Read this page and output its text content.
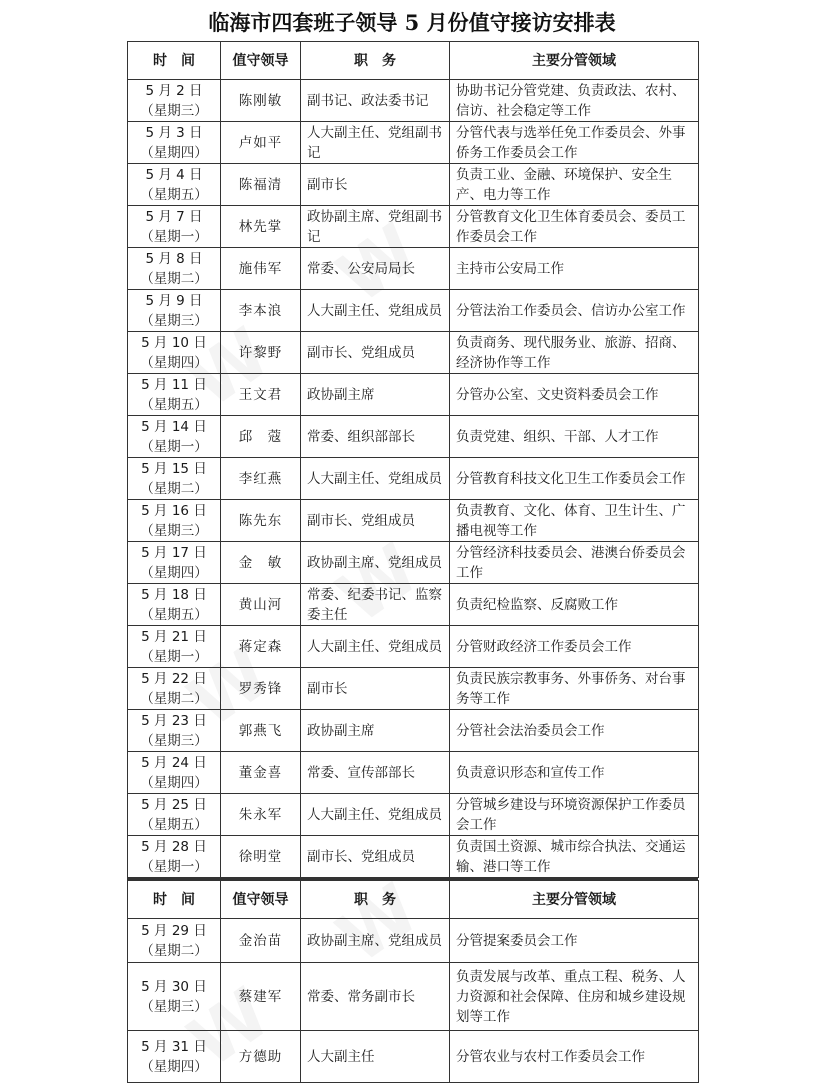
临海市四套班子领导 5 月份值守接访安排表
时　间	值守领导	职　务	主要分管领域

5 月 2 日
（星期三）	陈刚敏	副书记、政法委书记	协助书记分管党建、负责政法、农村、信访、社会稳定等工作

5 月 3 日
（星期四）	卢如平	人大副主任、党组副书记	分管代表与选举任免工作委员会、外事侨务工作委员会工作

5 月 4 日
（星期五）	陈福清	副市长	负责工业、金融、环境保护、安全生产、电力等工作

5 月 7 日
（星期一）	林先掌	政协副主席、党组副书记	分管教育文化卫生体育委员会、委员工作委员会工作

5 月 8 日
（星期二）	施伟军	常委、公安局局长	主持市公安局工作

5 月 9 日
（星期三）	李本浪	人大副主任、党组成员	分管法治工作委员会、信访办公室工作

5 月 10 日
（星期四）	许黎野	副市长、党组成员	负责商务、现代服务业、旅游、招商、经济协作等工作

5 月 11 日
（星期五）	王文君	政协副主席	分管办公室、文史资料委员会工作

5 月 14 日
（星期一）	邱　蔻	常委、组织部部长	负责党建、组织、干部、人才工作

5 月 15 日
（星期二）	李红燕	人大副主任、党组成员	分管教育科技文化卫生工作委员会工作

5 月 16 日
（星期三）	陈先东	副市长、党组成员	负责教育、文化、体育、卫生计生、广播电视等工作

5 月 17 日
（星期四）	金　敏	政协副主席、党组成员	分管经济科技委员会、港澳台侨委员会工作

5 月 18 日
（星期五）	黄山河	常委、纪委书记、监察委主任	负责纪检监察、反腐败工作

5 月 21 日
（星期一）	蒋定森	人大副主任、党组成员	分管财政经济工作委员会工作

5 月 22 日
（星期二）	罗秀锋	副市长	负责民族宗教事务、外事侨务、对台事务等工作

5 月 23 日
（星期三）	郭燕飞	政协副主席	分管社会法治委员会工作

5 月 24 日
（星期四）	董金喜	常委、宣传部部长	负责意识形态和宣传工作

5 月 25 日
（星期五）	朱永军	人大副主任、党组成员	分管城乡建设与环境资源保护工作委员会工作

5 月 28 日
（星期一）	徐明堂	副市长、党组成员	负责国土资源、城市综合执法、交通运输、港口等工作
时　间	值守领导	职　务	主要分管领域

5 月 29 日
（星期二）	金治苗	政协副主席、党组成员	分管提案委员会工作

5 月 30 日
（星期三）	蔡建军	常委、常务副市长	负责发展与改革、重点工程、税务、人力资源和社会保障、住房和城乡建设规划等工作

5 月 31 日
（星期四）	方德助	人大副主任	分管农业与农村工作委员会工作
